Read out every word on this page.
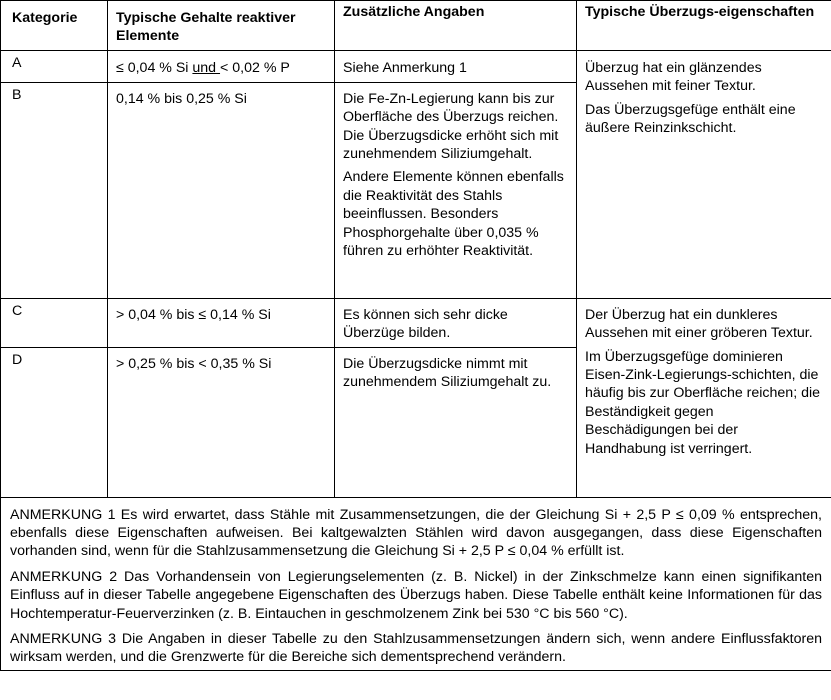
Kategorie	Typische Gehalte reaktiver Elemente	Zusätzliche Angaben	Typische Überzugs-eigenschaften
A	≤ 0,04 % Si und < 0,02 % P	Siehe Anmerkung 1	Überzug hat ein glänzendes Aussehen mit feiner Textur.

Das Überzugsgefüge enthält eine äußere Reinzinkschicht.

B	0,14 % bis 0,25 % Si	Die Fe-Zn-Legierung kann bis zur Oberfläche des Überzugs reichen. Die Überzugsdicke erhöht sich mit zunehmendem Siliziumgehalt.

Andere Elemente können ebenfalls die Reaktivität des Stahls beeinflussen. Besonders Phosphorgehalte über 0,035 % führen zu erhöhter Reaktivität.	

C	> 0,04 % bis ≤ 0,14 % Si	Es können sich sehr dicke Überzüge bilden.	Der Überzug hat ein dunkleres Aussehen mit einer gröberen Textur.

Im Überzugsgefüge dominieren Eisen-Zink-Legierungs-schichten, die häufig bis zur Oberfläche reichen; die Beständigkeit gegen Beschädigungen bei der Handhabung ist verringert.

D	> 0,25 % bis < 0,35 % Si	Die Überzugsdicke nimmt mit zunehmendem Siliziumgehalt zu.	

ANMERKUNG 1 Es wird erwartet, dass Stähle mit Zusammensetzungen, die der Gleichung Si + 2,5 P ≤ 0,09 % entsprechen, ebenfalls diese Eigenschaften aufweisen. Bei kaltgewalzten Stählen wird davon ausgegangen, dass diese Eigenschaften vorhanden sind, wenn für die Stahlzusammensetzung die Gleichung Si + 2,5 P ≤ 0,04 % erfüllt ist.

ANMERKUNG 2 Das Vorhandensein von Legierungselementen (z. B. Nickel) in der Zinkschmelze kann einen signifikanten Einfluss auf in dieser Tabelle angegebene Eigenschaften des Überzugs haben. Diese Tabelle enthält keine Informationen für das Hochtemperatur-Feuerverzinken (z. B. Eintauchen in geschmolzenem Zink bei 530 °C bis 560 °C).

ANMERKUNG 3 Die Angaben in dieser Tabelle zu den Stahlzusammensetzungen ändern sich, wenn andere Einflussfaktoren wirksam werden, und die Grenzwerte für die Bereiche sich dementsprechend verändern.			
